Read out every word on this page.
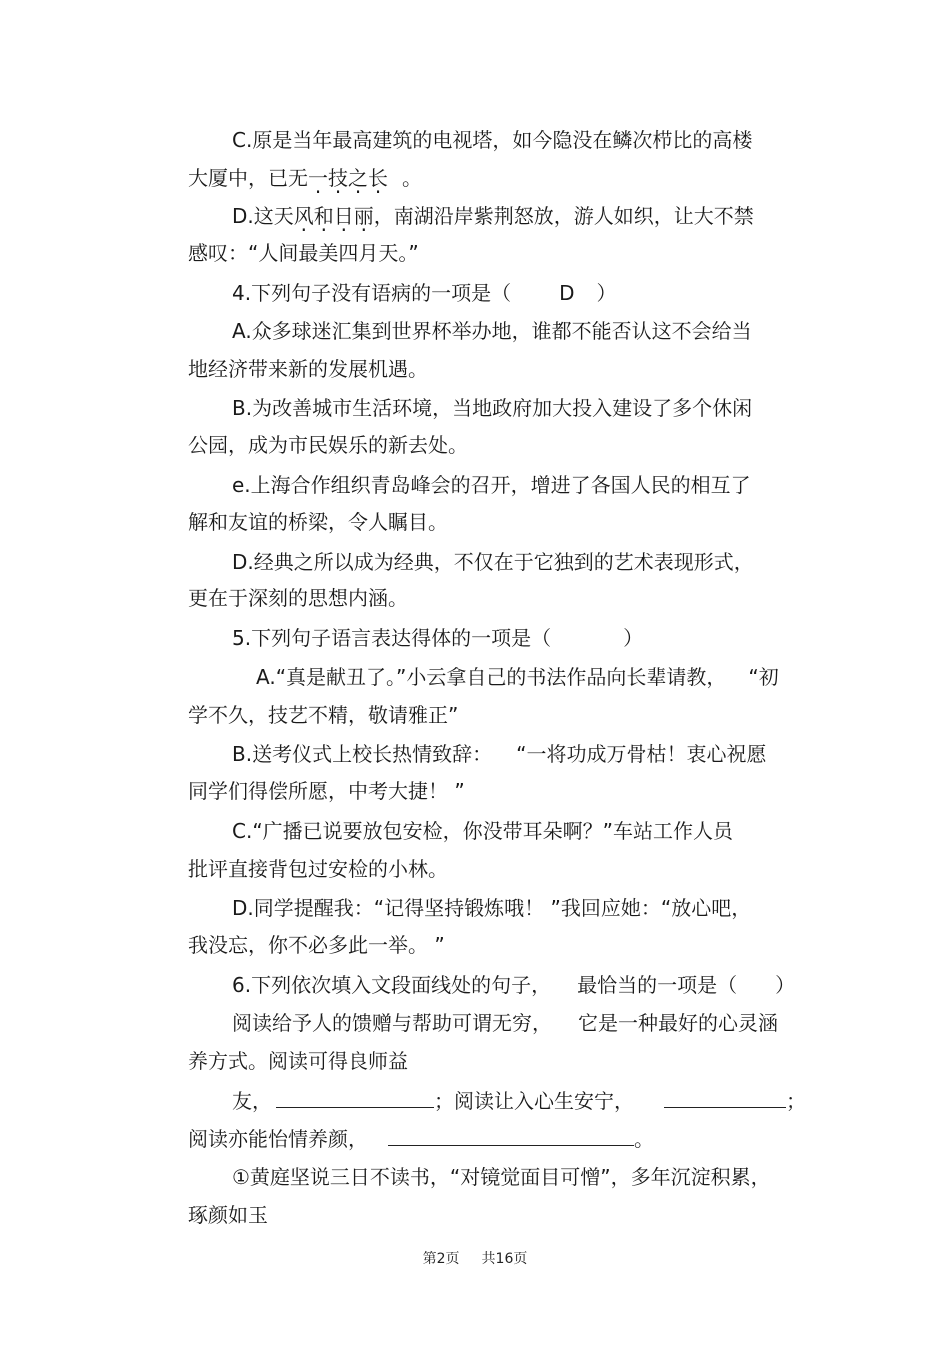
C.原是当年最高建筑的电视塔，如今隐没在鳞次栉比的高楼
大厦中，已无一技之长 。
D.这天风和日丽，南湖沿岸紫荆怒放，游人如织，让大不禁
感叹：“人间最美四月天。”
4.下列句子没有语病的一项是（ D ）
A.众多球迷汇集到世界杯举办地，谁都不能否认这不会给当
地经济带来新的发展机遇。
B.为改善城市生活环境，当地政府加大投入建设了多个休闲
公园，成为市民娱乐的新去处。
e.上海合作组织青岛峰会的召开，增进了各国人民的相互了
解和友谊的桥梁，令人瞩目。
D.经典之所以成为经典，不仅在于它独到的艺术表现形式，
更在于深刻的思想内涵。
5.下列句子语言表达得体的一项是（	）
A.“真是献丑了。”小云拿自己的书法作品向长辈请教， “初
学不久，技艺不精，敬请雅正”
B.送考仪式上校长热情致辞： “一将功成万骨枯！衷心祝愿
同学们得偿所愿，中考大捷！ ”
C.“广播已说要放包安检，你没带耳朵啊？”车站工作人员
批评直接背包过安检的小林。
D.同学提醒我：“记得坚持锻炼哦！ ”我回应她：“放心吧，
我没忘，你不必多此一举。 ”
6.下列依次填入文段面线处的句子， 最恰当的一项是（ ）
阅读给予人的馈赠与帮助可谓无穷， 它是一种最好的心灵涵
养方式。阅读可得良师益
友，	；阅读让入心生安宁，	；
阅读亦能怡情养颜，	。
①黄庭坚说三日不读书，“对镜觉面目可憎”，多年沉淀积累，
琢颜如玉
第2页 共16页
